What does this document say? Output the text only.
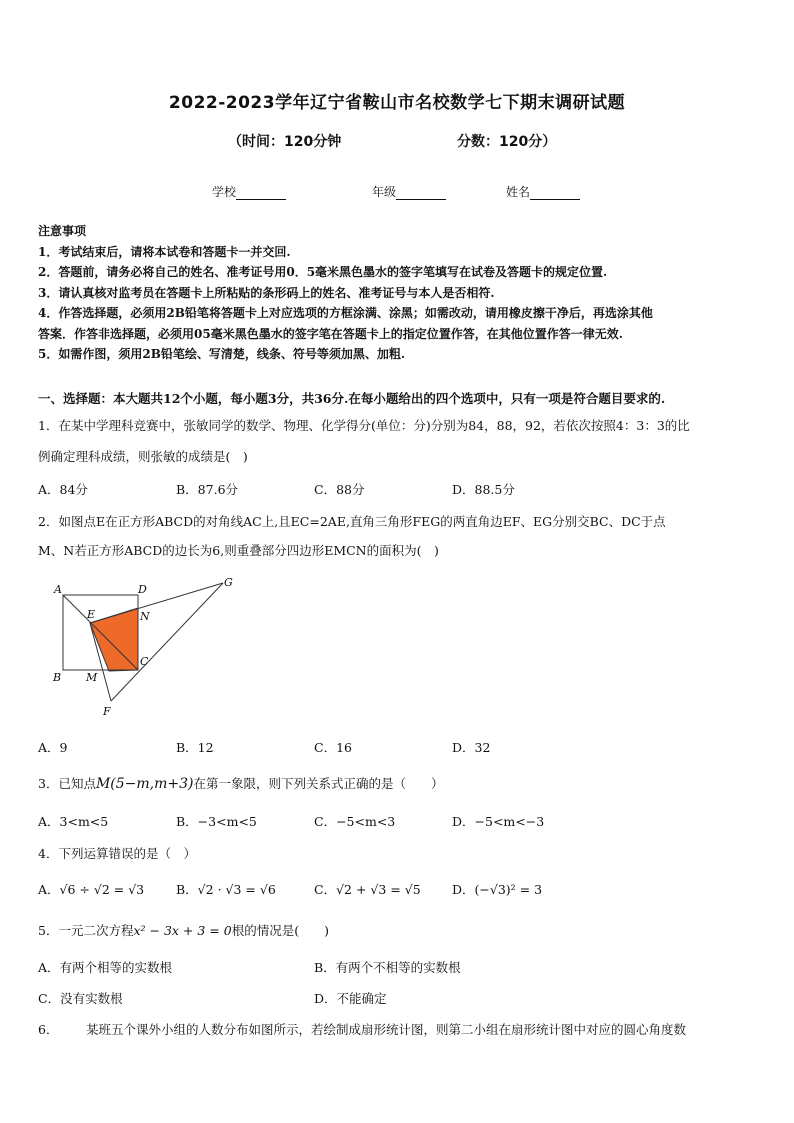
2022-2023学年辽宁省鞍山市名校数学七下期末调研试题
（时间：120分钟	分数：120分）
学校	年级	姓名
注意事项
1．考试结束后，请将本试卷和答题卡一并交回.
2．答题前，请务必将自己的姓名、准考证号用0．5毫米黑色墨水的签字笔填写在试卷及答题卡的规定位置.
3．请认真核对监考员在答题卡上所粘贴的条形码上的姓名、准考证号与本人是否相符.
4．作答选择题，必须用2B铅笔将答题卡上对应选项的方框涂满、涂黑；如需改动，请用橡皮擦干净后，再选涂其他
答案．作答非选择题，必须用05毫米黑色墨水的签字笔在答题卡上的指定位置作答，在其他位置作答一律无效.
5．如需作图，须用2B铅笔绘、写清楚，线条、符号等须加黑、加粗.
一、选择题：本大题共12个小题，每小题3分，共36分.在每小题给出的四个选项中，只有一项是符合题目要求的.
1．在某中学理科竞赛中，张敏同学的数学、物理、化学得分(单位：分)分别为84，88，92，若依次按照4：3：3的比
例确定理科成绩，则张敏的成绩是(　)
A．84分	B．87.6分	C．88分	D．88.5分
2．如图点E在正方形ABCD的对角线AC上,且EC=2AE,直角三角形FEG的两直角边EF、EG分别交BC、DC于点
M、N若正方形ABCD的边长为6,则重叠部分四边形EMCN的面积为(　)
A
B
C
D
E
F
G
M
N
A．9	B．12	C．16	D．32
3．已知点M(5−m,m+3)在第一象限，则下列关系式正确的是（　　）
A．3<m<5	B．−3<m<5	C．−5<m<3	D．−5<m<−3
4．下列运算错误的是（　）
A．√6 ÷ √2 = √3	B．√2 · √3 = √6	C．√2 + √3 = √5	D．(−√3)² = 3
5．一元二次方程x² − 3x + 3 = 0根的情况是(　　)
A．有两个相等的实数根	B．有两个不相等的实数根
C．没有实数根	D．不能确定
6． 某班五个课外小组的人数分布如图所示，若绘制成扇形统计图，则第二小组在扇形统计图中对应的圆心角度数
